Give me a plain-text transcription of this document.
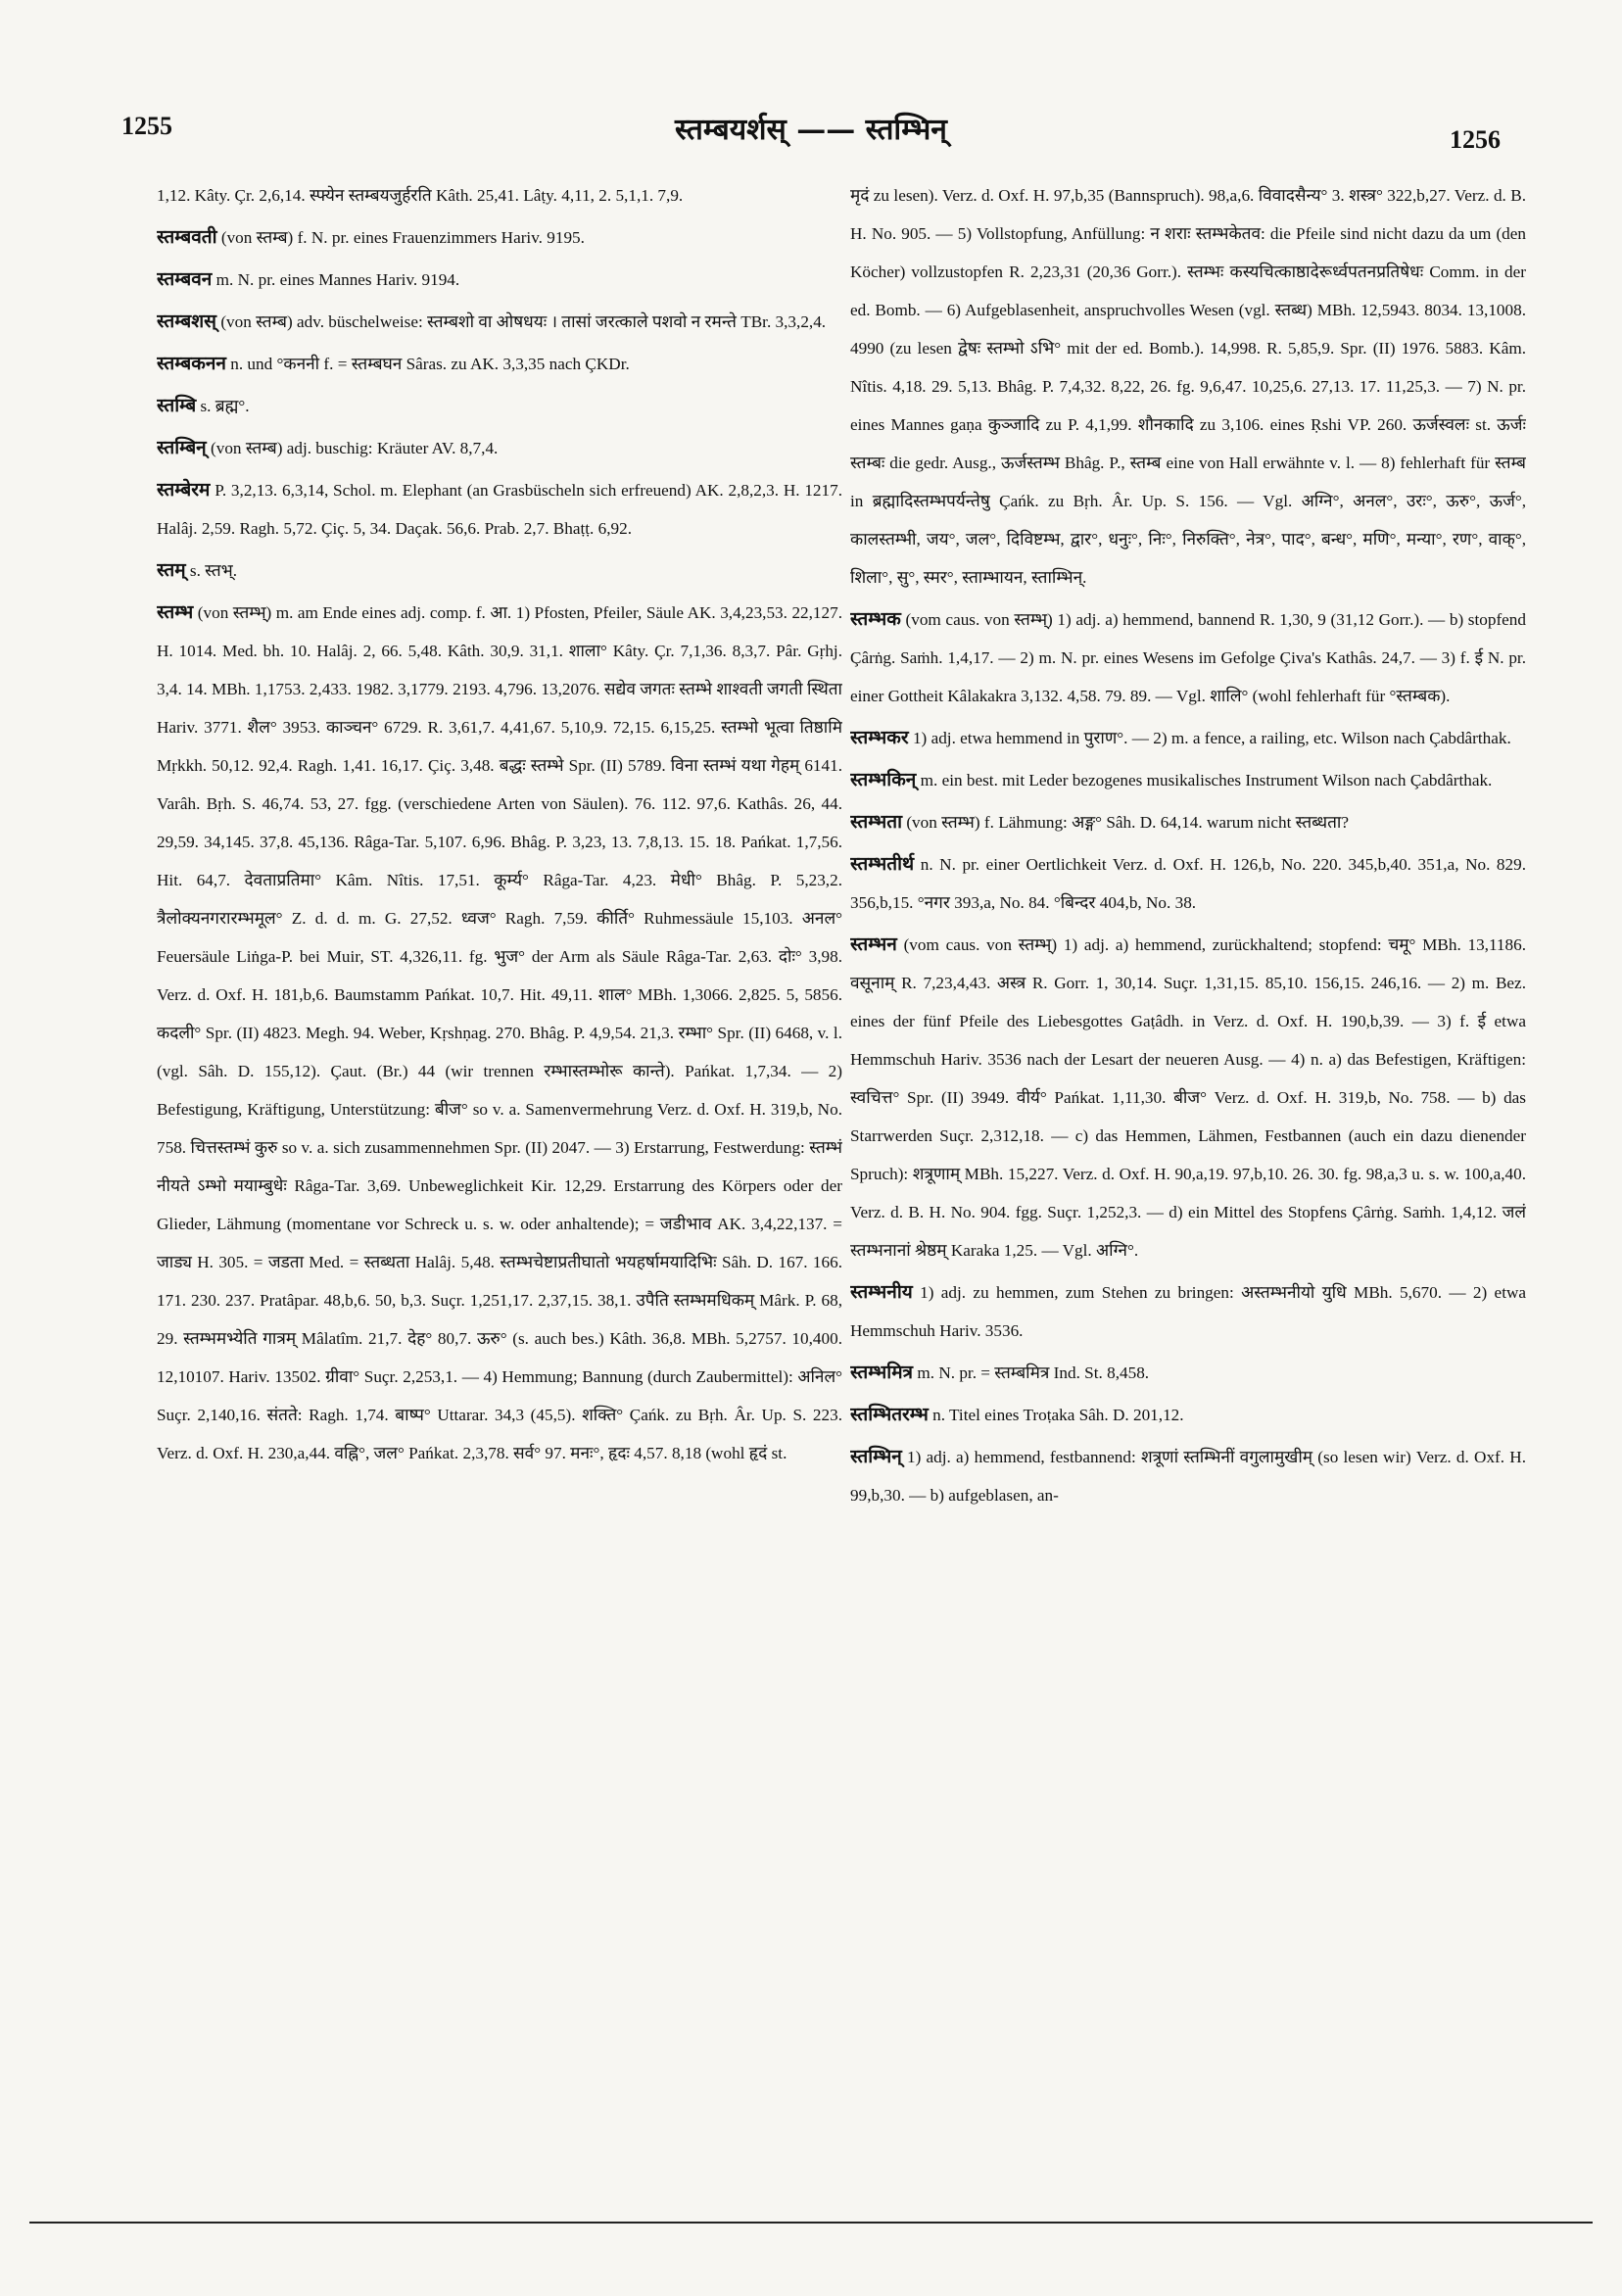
1255	स्तम्बयर्शस् —— स्तम्भिन्	1256

1,12. Kâty. Çr. 2,6,14. स्फ्येन स्तम्बयजुर्हरति Kâth. 25,41. Lâṭy. 4,11, 2. 5,1,1. 7,9.

स्तम्बवती (von स्तम्ब) f. N. pr. eines Frauenzimmers Hariv. 9195.

स्तम्बवन m. N. pr. eines Mannes Hariv. 9194.

स्तम्बशस् (von स्तम्ब) adv. büschelweise: स्तम्बशो वा ओषधयः । तासां जरत्काले पशवो न रमन्ते TBr. 3,3,2,4.

स्तम्बकनन n. und °कननी f. = स्तम्बघन Sâras. zu AK. 3,3,35 nach ÇKDr.

स्तम्बि s. ब्रह्म°.

स्तम्बिन् (von स्तम्ब) adj. buschig: Kräuter AV. 8,7,4.

स्तम्बेरम P. 3,2,13. 6,3,14, Schol. m. Elephant (an Grasbüscheln sich erfreuend) AK. 2,8,2,3. H. 1217. Halâj. 2,59. Ragh. 5,72. Çiç. 5, 34. Daçak. 56,6. Prab. 2,7. Bhaṭṭ. 6,92.

स्तम् s. स्तभ्.

स्तम्भ (von स्तम्भ्) m. am Ende eines adj. comp. f. आ. 1) Pfosten, Pfeiler, Säule AK. 3,4,23,53. 22,127. H. 1014. Med. bh. 10. Halâj. 2, 66. 5,48. Kâth. 30,9. 31,1. शाला° Kâty. Çr. 7,1,36. 8,3,7. Pâr. Gṛhj. 3,4. 14. MBh. 1,1753. 2,433. 1982. 3,1779. 2193. 4,796. 13,2076. सद्येव जगतः स्तम्भे शाश्वती जगती स्थिता Hariv. 3771. शैल° 3953. काञ्चन° 6729. R. 3,61,7. 4,41,67. 5,10,9. 72,15. 6,15,25. स्तम्भो भूत्वा तिष्ठामि Mṛkkh. 50,12. 92,4. Ragh. 1,41. 16,17. Çiç. 3,48. बद्धः स्तम्भे Spr. (II) 5789. विना स्तम्भं यथा गेहम् 6141. Varâh. Bṛh. S. 46,74. 53, 27. fgg. (verschiedene Arten von Säulen). 76. 112. 97,6. Kathâs. 26, 44. 29,59. 34,145. 37,8. 45,136. Râga-Tar. 5,107. 6,96. Bhâg. P. 3,23, 13. 7,8,13. 15. 18. Pańkat. 1,7,56. Hit. 64,7. देवताप्रतिमा° Kâm. Nîtis. 17,51. कूर्म्य° Râga-Tar. 4,23. मेधी° Bhâg. P. 5,23,2. त्रैलोक्यनगरारम्भमूल° Z. d. d. m. G. 27,52. ध्वज° Ragh. 7,59. कीर्ति° Ruhmessäule 15,103. अनल° Feuersäule Liṅga-P. bei Muir, ST. 4,326,11. fg. भुज° der Arm als Säule Râga-Tar. 2,63. दोः° 3,98. Verz. d. Oxf. H. 181,b,6. Baumstamm Pańkat. 10,7. Hit. 49,11. शाल° MBh. 1,3066. 2,825. 5, 5856. कदली° Spr. (II) 4823. Megh. 94. Weber, Kṛshṇag. 270. Bhâg. P. 4,9,54. 21,3. रम्भा° Spr. (II) 6468, v. l. (vgl. Sâh. D. 155,12). Çaut. (Br.) 44 (wir trennen रम्भास्तम्भोरू कान्ते). Pańkat. 1,7,34. — 2) Befestigung, Kräftigung, Unterstützung: बीज° so v. a. Samenvermehrung Verz. d. Oxf. H. 319,b, No. 758. चित्तस्तम्भं कुरु so v. a. sich zusammennehmen Spr. (II) 2047. — 3) Erstarrung, Festwerdung: स्तम्भं नीयते ऽम्भो मयाम्बुधेः Râga-Tar. 3,69. Unbeweglichkeit Kir. 12,29. Erstarrung des Körpers oder der Glieder, Lähmung (momentane vor Schreck u. s. w. oder anhaltende); = जडीभाव AK. 3,4,22,137. = जाड्य H. 305. = जडता Med. = स्तब्धता Halâj. 5,48. स्तम्भचेष्टाप्रतीघातो भयहर्षामयादिभिः Sâh. D. 167. 166. 171. 230. 237. Pratâpar. 48,b,6. 50, b,3. Suçr. 1,251,17. 2,37,15. 38,1. उपैति स्तम्भमधिकम् Mârk. P. 68, 29. स्तम्भमभ्येति गात्रम् Mâlatîm. 21,7. देह° 80,7. ऊरु° (s. auch bes.) Kâth. 36,8. MBh. 5,2757. 10,400. 12,10107. Hariv. 13502. ग्रीवा° Suçr. 2,253,1. — 4) Hemmung; Bannung (durch Zaubermittel): अनिल° Suçr. 2,140,16. संतते: Ragh. 1,74. बाष्प° Uttarar. 34,3 (45,5). शक्ति° Çańk. zu Bṛh. Âr. Up. S. 223. Verz. d. Oxf. H. 230,a,44. वह्नि°, जल° Pańkat. 2,3,78. सर्व° 97. मनः°, हृदः 4,57. 8,18 (wohl हृदं st.

मृदं zu lesen). Verz. d. Oxf. H. 97,b,35 (Bannspruch). 98,a,6. विवादसैन्य° 3. शस्त्र° 322,b,27. Verz. d. B. H. No. 905. — 5) Vollstopfung, Anfüllung: न शराः स्तम्भकेतव: die Pfeile sind nicht dazu da um (den Köcher) vollzustopfen R. 2,23,31 (20,36 Gorr.). स्तम्भः कस्यचित्काष्ठादेरूर्ध्वपतनप्रतिषेधः Comm. in der ed. Bomb. — 6) Aufgeblasenheit, anspruchvolles Wesen (vgl. स्तब्ध) MBh. 12,5943. 8034. 13,1008. 4990 (zu lesen द्वेषः स्तम्भो ऽभि° mit der ed. Bomb.). 14,998. R. 5,85,9. Spr. (II) 1976. 5883. Kâm. Nîtis. 4,18. 29. 5,13. Bhâg. P. 7,4,32. 8,22, 26. fg. 9,6,47. 10,25,6. 27,13. 17. 11,25,3. — 7) N. pr. eines Mannes gaṇa कुञ्जादि zu P. 4,1,99. शौनकादि zu 3,106. eines Ṛshi VP. 260. ऊर्जस्वलः st. ऊर्जः स्तम्बः die gedr. Ausg., ऊर्जस्तम्भ Bhâg. P., स्तम्ब eine von Hall erwähnte v. l. — 8) fehlerhaft für स्तम्ब in ब्रह्मादिस्तम्भपर्यन्तेषु Çańk. zu Bṛh. Âr. Up. S. 156. — Vgl. अग्नि°, अनल°, उरः°, ऊरु°, ऊर्ज°, कालस्तम्भी, जय°, जल°, दिविष्टम्भ, द्वार°, धनुः°, निः°, निरुक्ति°, नेत्र°, पाद°, बन्ध°, मणि°, मन्या°, रण°, वाक्°, शिला°, सु°, स्मर°, स्ताम्भायन, स्ताम्भिन्.

स्तम्भक (vom caus. von स्तम्भ्) 1) adj. a) hemmend, bannend R. 1,30, 9 (31,12 Gorr.). — b) stopfend Çârṅg. Saṁh. 1,4,17. — 2) m. N. pr. eines Wesens im Gefolge Çiva's Kathâs. 24,7. — 3) f. ई N. pr. einer Gottheit Kâlakakra 3,132. 4,58. 79. 89. — Vgl. शालि° (wohl fehlerhaft für °स्तम्बक).

स्तम्भकर 1) adj. etwa hemmend in पुराण°. — 2) m. a fence, a railing, etc. Wilson nach Çabdârthak.

स्तम्भकिन् m. ein best. mit Leder bezogenes musikalisches Instrument Wilson nach Çabdârthak.

स्तम्भता (von स्तम्भ) f. Lähmung: अङ्ग° Sâh. D. 64,14. warum nicht स्तब्धता?

स्तम्भतीर्थ n. N. pr. einer Oertlichkeit Verz. d. Oxf. H. 126,b, No. 220. 345,b,40. 351,a, No. 829. 356,b,15. °नगर 393,a, No. 84. °बिन्दर 404,b, No. 38.

स्तम्भन (vom caus. von स्तम्भ्) 1) adj. a) hemmend, zurückhaltend; stopfend: चमू° MBh. 13,1186. वसूनाम् R. 7,23,4,43. अस्त्र R. Gorr. 1, 30,14. Suçr. 1,31,15. 85,10. 156,15. 246,16. — 2) m. Bez. eines der fünf Pfeile des Liebesgottes Gaṭâdh. in Verz. d. Oxf. H. 190,b,39. — 3) f. ई etwa Hemmschuh Hariv. 3536 nach der Lesart der neueren Ausg. — 4) n. a) das Befestigen, Kräftigen: स्वचित्त° Spr. (II) 3949. वीर्य° Pańkat. 1,11,30. बीज° Verz. d. Oxf. H. 319,b, No. 758. — b) das Starrwerden Suçr. 2,312,18. — c) das Hemmen, Lähmen, Festbannen (auch ein dazu dienender Spruch): शत्रूणाम् MBh. 15,227. Verz. d. Oxf. H. 90,a,19. 97,b,10. 26. 30. fg. 98,a,3 u. s. w. 100,a,40. Verz. d. B. H. No. 904. fgg. Suçr. 1,252,3. — d) ein Mittel des Stopfens Çârṅg. Saṁh. 1,4,12. जलं स्तम्भनानां श्रेष्ठम् Karaka 1,25. — Vgl. अग्नि°.

स्तम्भनीय 1) adj. zu hemmen, zum Stehen zu bringen: अस्तम्भनीयो युधि MBh. 5,670. — 2) etwa Hemmschuh Hariv. 3536.

स्तम्भमित्र m. N. pr. = स्तम्बमित्र Ind. St. 8,458.

स्तम्भितरम्भ n. Titel eines Troṭaka Sâh. D. 201,12.

स्तम्भिन् 1) adj. a) hemmend, festbannend: शत्रूणां स्तम्भिनीं वगुलामुखीम् (so lesen wir) Verz. d. Oxf. H. 99,b,30. — b) aufgeblasen, an-
